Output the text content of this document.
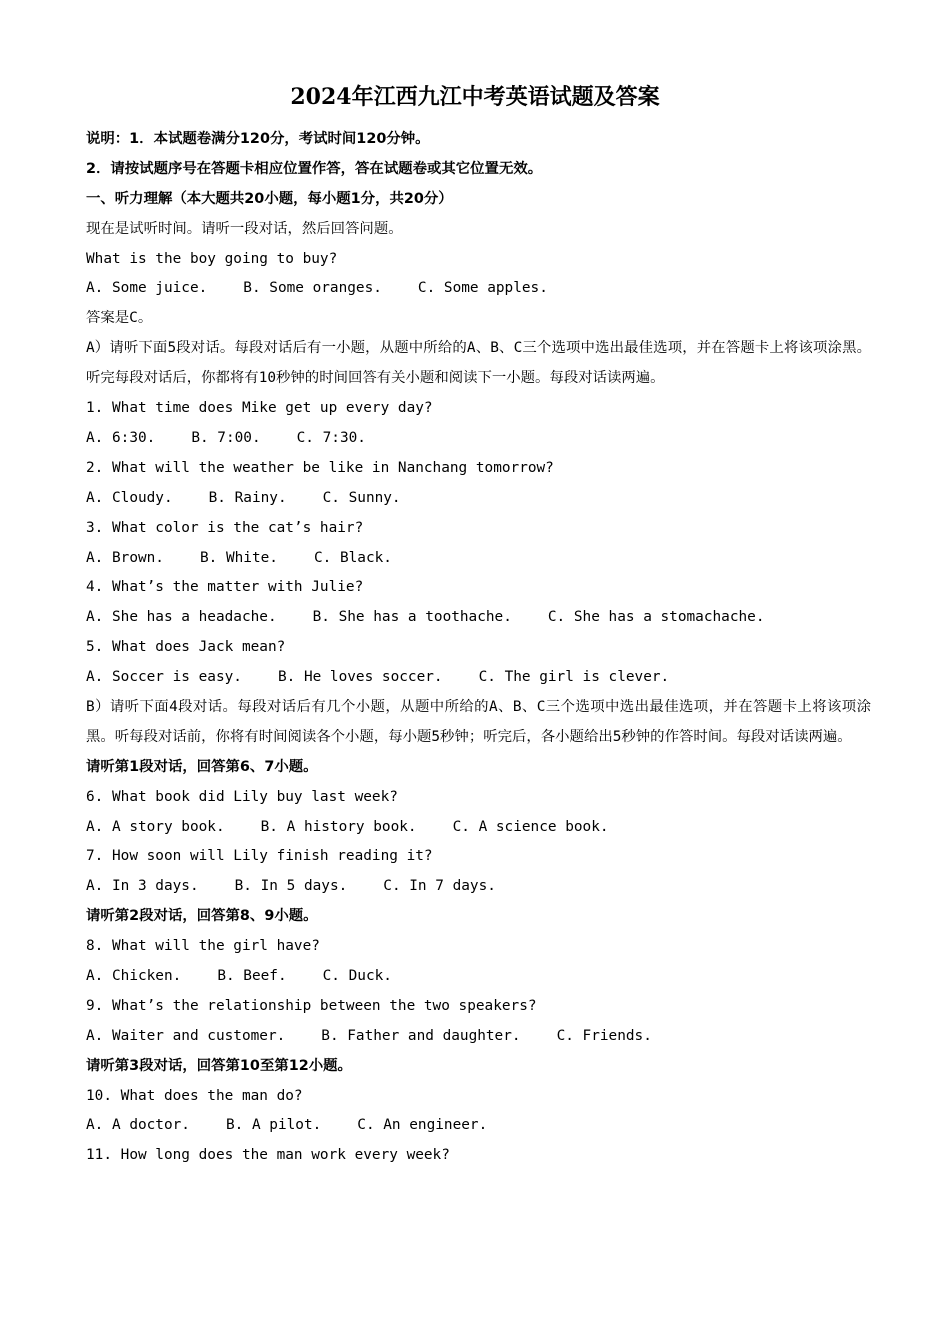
2024年江西九江中考英语试题及答案
说明：1．本试题卷满分120分，考试时间120分钟。
2．请按试题序号在答题卡相应位置作答，答在试题卷或其它位置无效。
一、听力理解（本大题共20小题，每小题1分，共20分）
现在是试听时间。请听一段对话，然后回答问题。
What is the boy going to buy?
A. Some juice.	B. Some oranges.	C. Some apples.
答案是C。
A）请听下面5段对话。每段对话后有一小题，从题中所给的A、B、C三个选项中选出最佳选项，并在答题卡上将该项涂黑。听完每段对话后，你都将有10秒钟的时间回答有关小题和阅读下一小题。每段对话读两遍。
1. What time does Mike get up every day?
A. 6:30.	B. 7:00.	C. 7:30.
2. What will the weather be like in Nanchang tomorrow?
A. Cloudy.	B. Rainy.	C. Sunny.
3. What color is the cat’s hair?
A. Brown.	B. White.	C. Black.
4. What’s the matter with Julie?
A. She has a headache.	B. She has a toothache.	C. She has a stomachache.
5. What does Jack mean?
A. Soccer is easy.	B. He loves soccer.	C. The girl is clever.
B）请听下面4段对话。每段对话后有几个小题，从题中所给的A、B、C三个选项中选出最佳选项，并在答题卡上将该项涂黑。听每段对话前，你将有时间阅读各个小题，每小题5秒钟；听完后，各小题给出5秒钟的作答时间。每段对话读两遍。
请听第1段对话，回答第6、7小题。
6. What book did Lily buy last week?
A. A story book.	B. A history book.	C. A science book.
7. How soon will Lily finish reading it?
A. In 3 days.	B. In 5 days.	C. In 7 days.
请听第2段对话，回答第8、9小题。
8. What will the girl have?
A. Chicken.	B. Beef.	C. Duck.
9. What’s the relationship between the two speakers?
A. Waiter and customer.	B. Father and daughter.	C. Friends.
请听第3段对话，回答第10至第12小题。
10. What does the man do?
A. A doctor.	B. A pilot.	C. An engineer.
11. How long does the man work every week?
